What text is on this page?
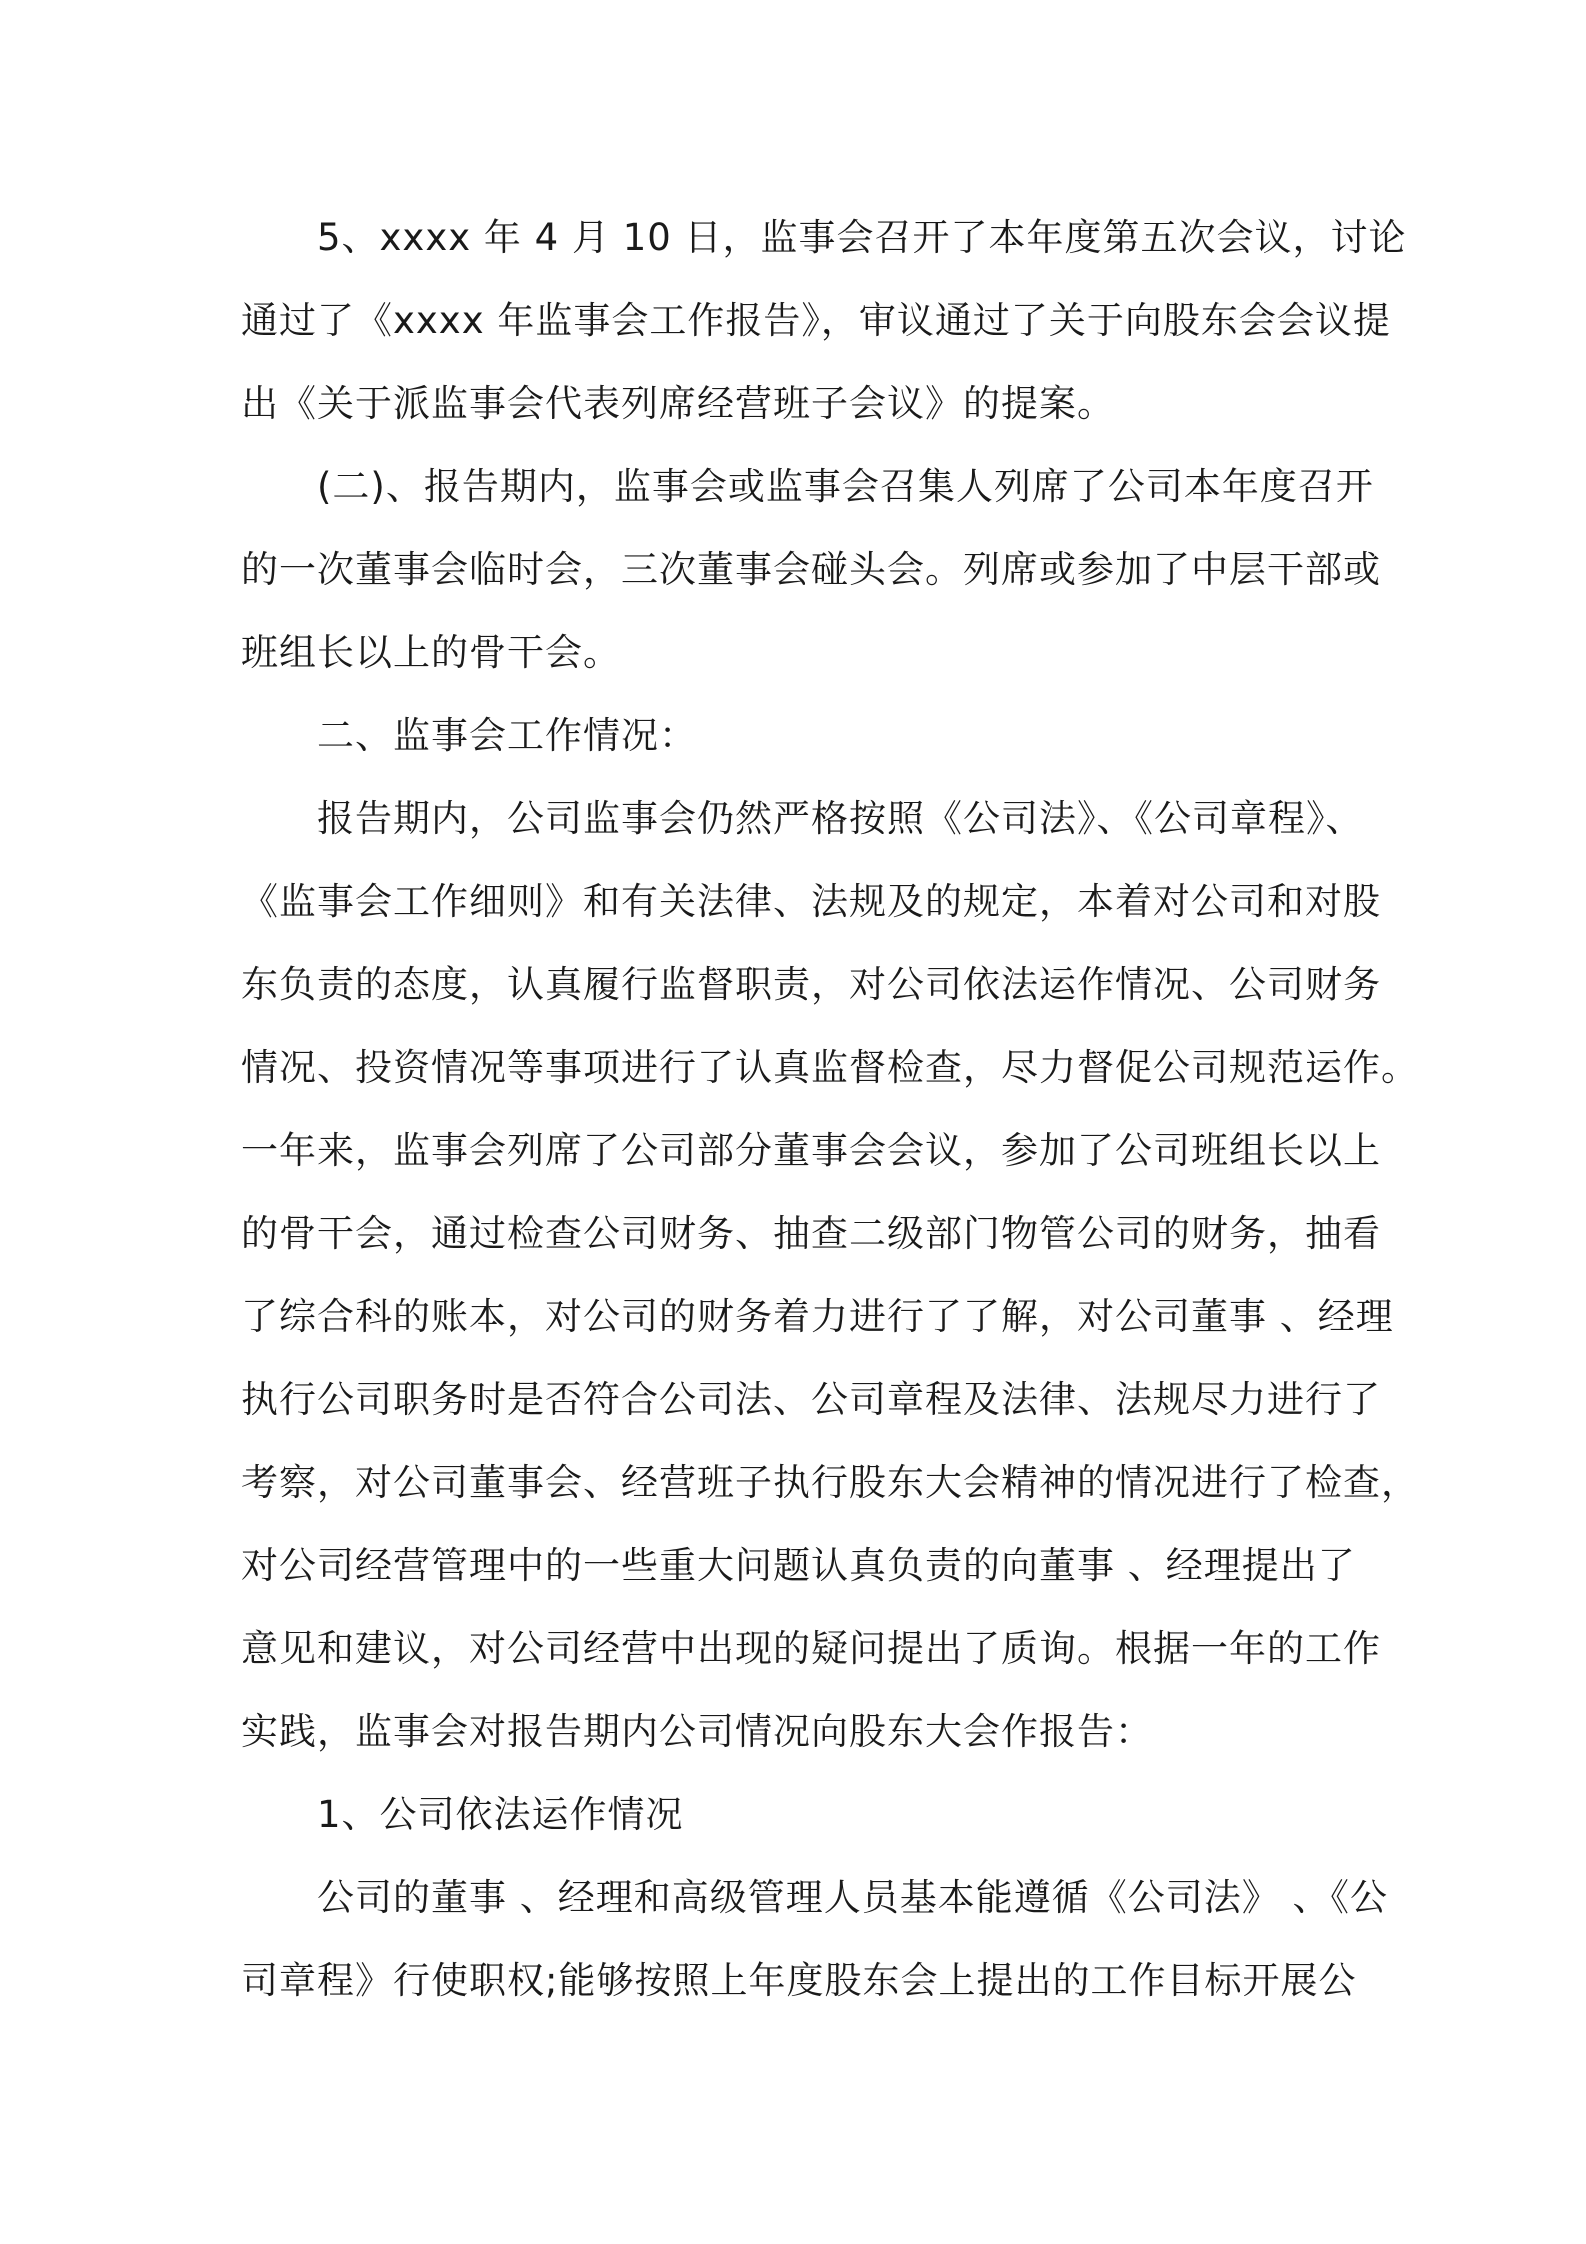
5、xxxx 年 4 月 10 日，监事会召开了本年度第五次会议，讨论
通过了《xxxx 年监事会工作报告》，审议通过了关于向股东会会议提
出《关于派监事会代表列席经营班子会议》的提案。
(二)、报告期内，监事会或监事会召集人列席了公司本年度召开
的一次董事会临时会，三次董事会碰头会。列席或参加了中层干部或
班组长以上的骨干会。
二、监事会工作情况：
报告期内，公司监事会仍然严格按照《公司法》、《公司章程》、
《监事会工作细则》和有关法律、法规及的规定，本着对公司和对股
东负责的态度，认真履行监督职责，对公司依法运作情况、公司财务
情况、投资情况等事项进行了认真监督检查，尽力督促公司规范运作。
一年来，监事会列席了公司部分董事会会议，参加了公司班组长以上
的骨干会，通过检查公司财务、抽查二级部门物管公司的财务，抽看
了综合科的账本，对公司的财务着力进行了了解，对公司董事 、经理
执行公司职务时是否符合公司法、公司章程及法律、法规尽力进行了
考察，对公司董事会、经营班子执行股东大会精神的情况进行了检查，
对公司经营管理中的一些重大问题认真负责的向董事 、经理提出了
意见和建议，对公司经营中出现的疑问提出了质询。根据一年的工作
实践，监事会对报告期内公司情况向股东大会作报告：
1、公司依法运作情况
公司的董事 、经理和高级管理人员基本能遵循《公司法》 、《公
司章程》行使职权;能够按照上年度股东会上提出的工作目标开展公
